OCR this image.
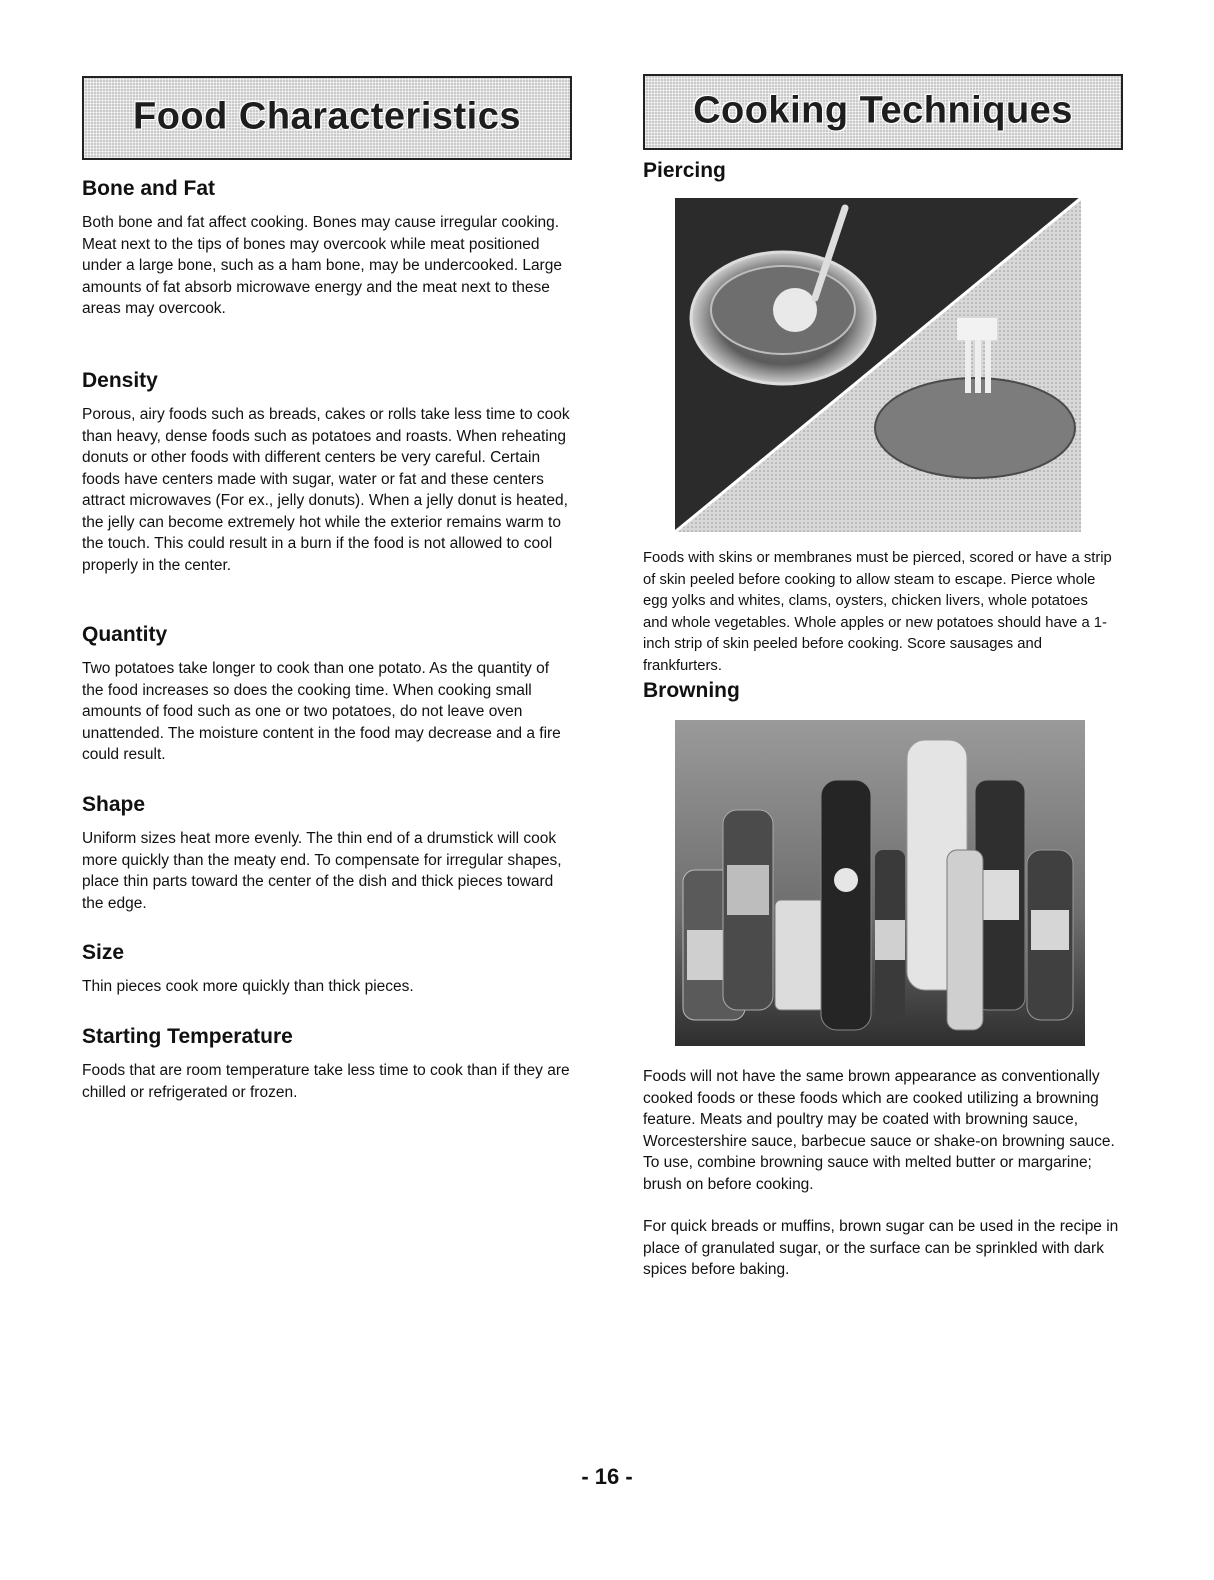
Food Characteristics
Bone and Fat

Both bone and fat affect cooking. Bones may cause irregular cooking. Meat next to the tips of bones may overcook while meat positioned under a large bone, such as a ham bone, may be undercooked. Large amounts of fat absorb microwave energy and the meat next to these areas may overcook.

Density

Porous, airy foods such as breads, cakes or rolls take less time to cook than heavy, dense foods such as potatoes and roasts. When reheating donuts or other foods with different centers be very careful. Certain foods have centers made with sugar, water or fat and these centers attract microwaves (For ex., jelly donuts). When a jelly donut is heated, the jelly can become extremely hot while the exterior remains warm to the touch. This could result in a burn if the food is not allowed to cool properly in the center.

Quantity

Two potatoes take longer to cook than one potato. As the quantity of the food increases so does the cooking time. When cooking small amounts of food such as one or two potatoes, do not leave oven unattended. The moisture content in the food may decrease and a fire could result.

Shape

Uniform sizes heat more evenly. The thin end of a drumstick will cook more quickly than the meaty end. To compensate for irregular shapes, place thin parts toward the center of the dish and thick pieces toward the edge.

Size

Thin pieces cook more quickly than thick pieces.

Starting Temperature

Foods that are room temperature take less time to cook than if they are chilled or refrigerated or frozen.

Cooking Techniques
Piercing

Foods with skins or membranes must be pierced, scored or have a strip of skin peeled before cooking to allow steam to escape. Pierce whole egg yolks and whites, clams, oysters, chicken livers, whole potatoes and whole vegetables. Whole apples or new potatoes should have a 1-inch strip of skin peeled before cooking. Score sausages and frankfurters.

Browning

Foods will not have the same brown appearance as conventionally cooked foods or these foods which are cooked utilizing a browning feature. Meats and poultry may be coated with browning sauce, Worcestershire sauce, barbecue sauce or shake-on browning sauce. To use, combine browning sauce with melted butter or margarine; brush on before cooking.

For quick breads or muffins, brown sugar can be used in the recipe in place of granulated sugar, or the surface can be sprinkled with dark spices before baking.

- 16 -
